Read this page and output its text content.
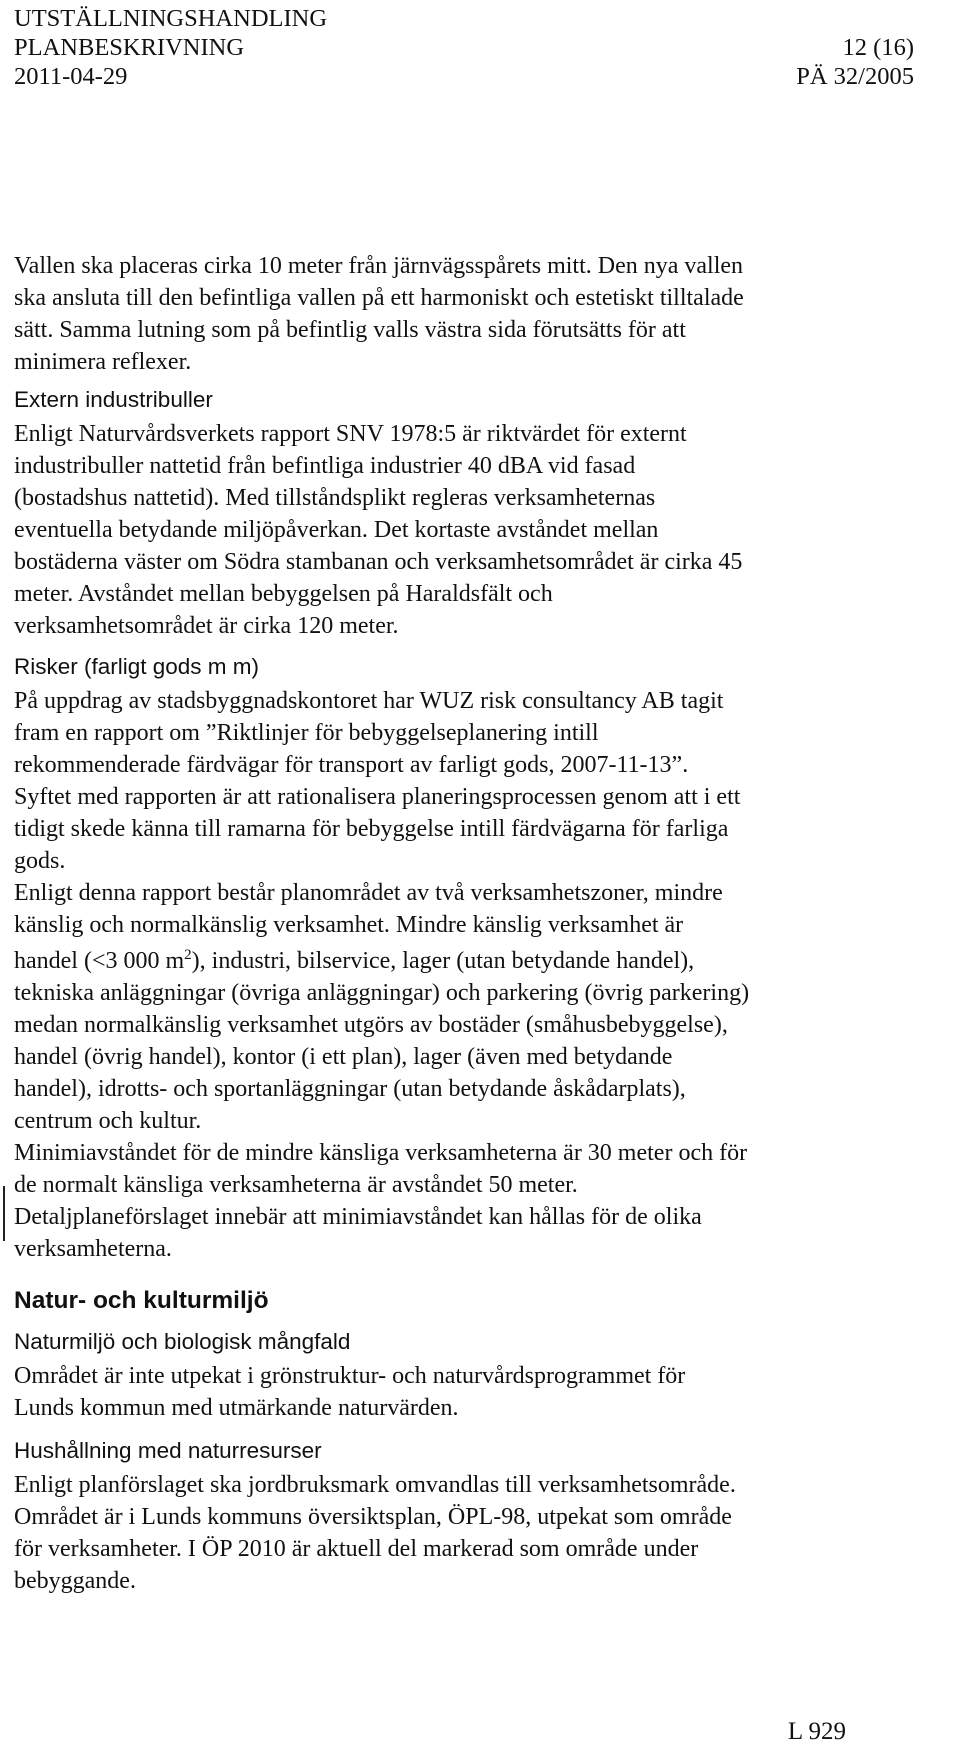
UTSTÄLLNINGSHANDLING
PLANBESKRIVNING	12 (16)
2011-04-29	PÄ 32/2005
Vallen ska placeras cirka 10 meter från järnvägsspårets mitt. Den nya vallen
ska ansluta till den befintliga vallen på ett harmoniskt och estetiskt tilltalade
sätt. Samma lutning som på befintlig valls västra sida förutsätts för att
minimera reflexer.
Extern industribuller
Enligt Naturvårdsverkets rapport SNV 1978:5 är riktvärdet för externt
industribuller nattetid från befintliga industrier 40 dBA vid fasad
(bostadshus nattetid). Med tillståndsplikt regleras verksamheternas
eventuella betydande miljöpåverkan. Det kortaste avståndet mellan
bostäderna väster om Södra stambanan och verksamhetsområdet är cirka 45
meter. Avståndet mellan bebyggelsen på Haraldsfält och
verksamhetsområdet är cirka 120 meter.
Risker (farligt gods m m)
På uppdrag av stadsbyggnadskontoret har WUZ risk consultancy AB tagit
fram en rapport om ”Riktlinjer för bebyggelseplanering intill
rekommenderade färdvägar för transport av farligt gods, 2007-11-13”.
Syftet med rapporten är att rationalisera planeringsprocessen genom att i ett
tidigt skede känna till ramarna för bebyggelse intill färdvägarna för farliga
gods.
Enligt denna rapport består planområdet av två verksamhetszoner, mindre
känslig och normalkänslig verksamhet. Mindre känslig verksamhet är
handel (<3 000 $m^2$), industri, bilservice, lager (utan betydande handel),
tekniska anläggningar (övriga anläggningar) och parkering (övrig parkering)
medan normalkänslig verksamhet utgörs av bostäder (småhusbebyggelse),
handel (övrig handel), kontor (i ett plan), lager (även med betydande
handel), idrotts- och sportanläggningar (utan betydande åskådarplats),
centrum och kultur.
Minimiavståndet för de mindre känsliga verksamheterna är 30 meter och för
de normalt känsliga verksamheterna är avståndet 50 meter.
Detaljplaneförslaget innebär att minimiavståndet kan hållas för de olika
verksamheterna.
Natur- och kulturmiljö
Naturmiljö och biologisk mångfald
Området är inte utpekat i grönstruktur- och naturvårdsprogrammet för
Lunds kommun med utmärkande naturvärden.
Hushållning med naturresurser
Enligt planförslaget ska jordbruksmark omvandlas till verksamhetsområde.
Området är i Lunds kommuns översiktsplan, ÖPL-98, utpekat som område
för verksamheter. I ÖP 2010 är aktuell del markerad som område under
bebyggande.
L 929
